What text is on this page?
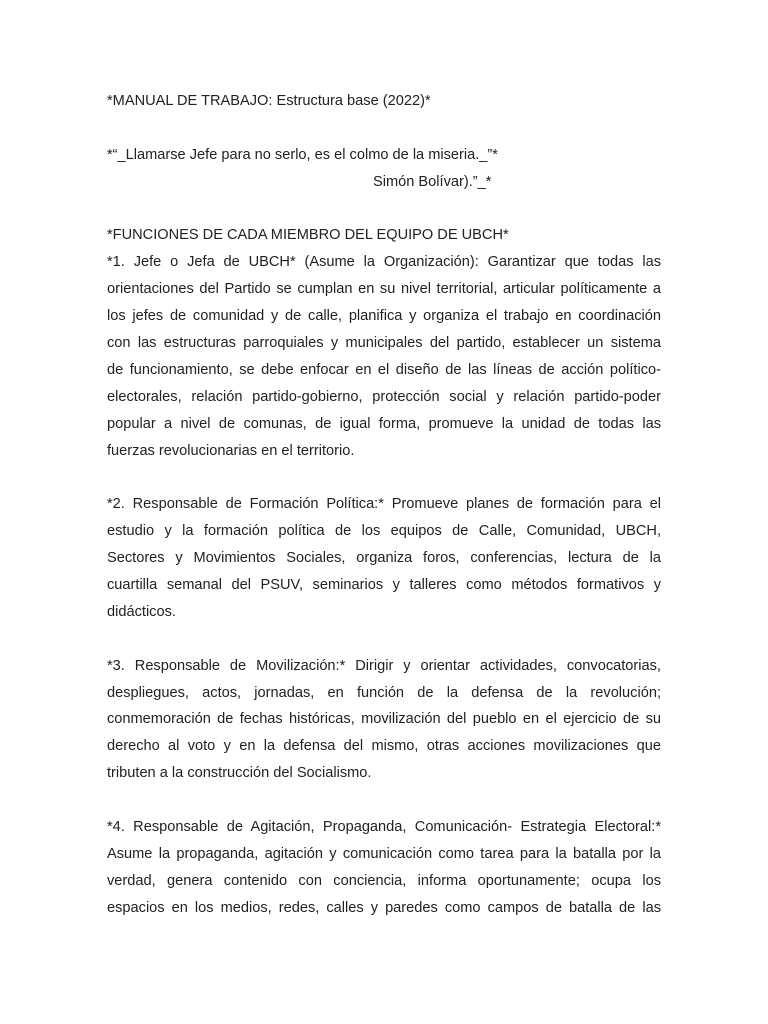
*MANUAL DE TRABAJO: Estructura base (2022)*
*“_Llamarse Jefe para no serlo, es el colmo de la miseria._”*
Simón Bolívar).”_*
*FUNCIONES DE CADA MIEMBRO DEL EQUIPO DE UBCH*
*1. Jefe o Jefa de UBCH* (Asume la Organización): Garantizar que todas las
orientaciones del Partido se cumplan en su nivel territorial, articular políticamente a
los jefes de comunidad y de calle, planifica y organiza el trabajo en coordinación
con las estructuras parroquiales y municipales del partido, establecer un sistema
de funcionamiento, se debe enfocar en el diseño de las líneas de acción político-
electorales, relación partido-gobierno, protección social y relación partido-poder
popular a nivel de comunas, de igual forma, promueve la unidad de todas las
fuerzas revolucionarias en el territorio.
*2. Responsable de Formación Política:* Promueve planes de formación para el
estudio y la formación política de los equipos de Calle, Comunidad, UBCH,
Sectores y Movimientos Sociales, organiza foros, conferencias, lectura de la
cuartilla semanal del PSUV, seminarios y talleres como métodos formativos y
didácticos.
*3. Responsable de Movilización:* Dirigir y orientar actividades, convocatorias,
despliegues, actos, jornadas, en función de la defensa de la revolución;
conmemoración de fechas históricas, movilización del pueblo en el ejercicio de su
derecho al voto y en la defensa del mismo, otras acciones movilizaciones que
tributen a la construcción del Socialismo.
*4. Responsable de Agitación, Propaganda, Comunicación- Estrategia Electoral:*
Asume la propaganda, agitación y comunicación como tarea para la batalla por la
verdad, genera contenido con conciencia, informa oportunamente; ocupa los
espacios en los medios, redes, calles y paredes como campos de batalla de las
